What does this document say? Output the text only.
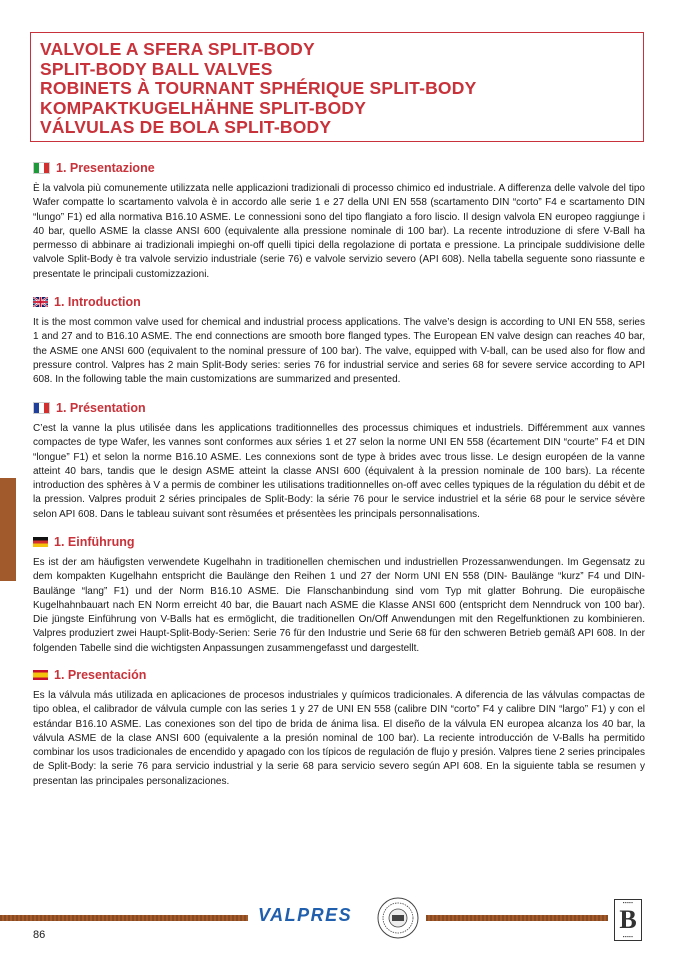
VALVOLE A SFERA SPLIT-BODY
SPLIT-BODY BALL VALVES
ROBINETS À TOURNANT SPHÉRIQUE SPLIT-BODY
KOMPAKTKUGELHÄHNE SPLIT-BODY
VÁLVULAS DE BOLA SPLIT-BODY
1. Presentazione
È la valvola più comunemente utilizzata nelle applicazioni tradizionali di processo chimico ed industriale. A differenza delle valvole del tipo Wafer compatte lo scartamento valvola è in accordo alle serie 1 e 27 della UNI EN 558 (scartamento DIN “corto” F4 e scartamento DIN “lungo” F1) ed alla normativa B16.10 ASME. Le connessioni sono del tipo flangiato a foro liscio. Il design valvola EN europeo raggiunge i 40 bar, quello ASME la classe ANSI 600 (equivalente alla pressione nominale di 100 bar). La recente introduzione di sfere V-Ball ha permesso di abbinare ai tradizionali impieghi on-off quelli tipici della regolazione di portata e pressione. La principale suddivisione delle valvole Split-Body è tra valvole servizio industriale (serie 76) e valvole servizio severo (API 608). Nella tabella seguente sono riassunte e presentate le principali customizzazioni.
1. Introduction
It is the most common valve used for chemical and industrial process applications. The valve’s design is according to UNI EN 558, series 1 and 27 and to B16.10 ASME. The end connections are smooth bore flanged types. The European EN valve design can reaches 40 bar, the ASME one ANSI 600 (equivalent to the nominal pressure of 100 bar). The valve, equipped with V-ball, can be used also for flow and pressure control. Valpres has 2 main Split-Body series: series 76 for industrial service and series 68 for severe service according to API 608. In the following table the main customizations are summarized and presented.
1. Présentation
C’est la vanne la plus utilisée dans les applications traditionnelles des processus chimiques et industriels. Différemment aux vannes compactes de type Wafer, les vannes sont conformes aux séries 1 et 27 selon la norme UNI EN 558 (écartement DIN “courte” F4 et DIN “longue” F1) et selon la norme B16.10 ASME. Les connexions sont de type à brides avec trous lisse. Le design européen de la vanne atteint 40 bars, tandis que le design ASME atteint la classe ANSI 600 (équivalent à la pression nominale de 100 bars). La récente introduction des sphères à V a permis de combiner les utilisations traditionnelles on-off avec celles typiques de la régulation du débit et de la pression. Valpres produit 2 séries principales de Split-Body: la série 76 pour le service industriel et la série 68 pour le service sévère selon API 608. Dans le tableau suivant sont rèsumées et présentèes les principals personnalisations.
1. Einführung
Es ist der am häufigsten verwendete Kugelhahn in traditionellen chemischen und industriellen Prozessanwendungen. Im Gegensatz zu dem kompakten Kugelhahn entspricht die Baulänge den Reihen 1 und 27 der Norm UNI EN 558 (DIN- Baulänge “kurz” F4 und DIN- Baulänge “lang” F1) und der Norm B16.10 ASME. Die Flanschanbindung sind vom Typ mit glatter Bohrung. Die europäische Kugelhahnbauart nach EN Norm erreicht 40 bar, die Bauart nach ASME die Klasse ANSI 600 (entspricht dem Nenndruck von 100 bar). Die jüngste Einführung von V-Balls hat es ermöglicht, die traditionellen On/Off Anwendungen mit den Regelfunktionen zu kombinieren. Valpres produziert zwei Haupt-Split-Body-Serien: Serie 76 für den Industrie und Serie 68 für den schweren Betrieb gemäß API 608. In der folgenden Tabelle sind die wichtigsten Anpassungen zusammengefasst und dargestellt.
1. Presentación
Es la válvula más utilizada en aplicaciones de procesos industriales y químicos tradicionales. A diferencia de las válvulas compactas de tipo oblea, el calibrador de válvula cumple con las series 1 y 27 de UNI EN 558 (calibre DIN “corto” F4 y calibre DIN “largo” F1) y con el estándar B16.10 ASME. Las conexiones son del tipo de brida de ánima lisa. El diseño de la válvula EN europea alcanza los 40 bar, la válvula ASME de la clase ANSI 600 (equivalente a la presión nominal de 100 bar). La reciente introducción de V-Balls ha permitido combinar los usos tradicionales de encendido y apagado con los típicos de regulación de flujo y presión. Valpres tiene 2 series principales de Split-Body: la serie 76 para servicio industrial y la serie 68 para servicio severo según API 608. En la siguiente tabla se resumen y presentan las principales personalizaciones.
VALPRES
86
▪▪▪▪▪
B
▪▪▪▪▪
